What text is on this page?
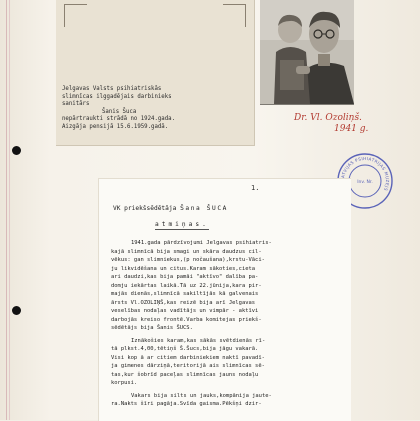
Jelgavas Valsts psihiatriskās
slimnīcas ilggadējais darbinieks
sanitārs
Šanis Šuca
nepārtraukti strādā no 1924.gada.
Aizgāja pensijā 15.6.1959.gadā.
Dr. Vl. Ozoliņš.
1941 g.
ATVIJAS PSIHIATRIJAS MUZEJS
Inv. Nr.
1.
VK priekšsēdētāja Šana ŠUCA
atmiņas.
1941.gada pārdzīvojumi Jelgavas psihiatris-
kajā slimnīcā bija smagi un skāra daudzus cil-
vēkus: gan slimniekus,(p nočaušana),krstu-Vāci-
ju likvidēšana un citus.Karam sākoties,cieta
ari daudzi,kas bija pamāi "aktīvo" dalība pa-
domju iekārtas laikā.Tā uz 22.jūnija,kara pir-
majās dienās,slimnīcā sakiltījās kā galvenais
ārsts Vl.OZOLIŅŠ,kas reizē bija arī Jelgavas
veselības nodaļas vadītājs un vimpār - aktīvi
darbojās kreiso frontē.Varba komitejas priekš-
sēdētājs bija Šanis ŠUCS.
Iznākošies karam,kas sākās svētdienās rī-
tā plkst.4,00,tētiņš Š.Šucs,bija jāgu vakarā.
Visi kop ā ar citiem darbiniekiem naktī pavadī-
ja gimenes dārziņā,teritorijā ais slimnīcas sē-
tas,kur šobrīd paceļas slimnīcas jauns nodaļu
korpusi.
Vakars bija silts un jauks,kompānija jaute-
ra.Nakts šīri pagāja.Svīda gaisma.Pēkšņi dzir-
